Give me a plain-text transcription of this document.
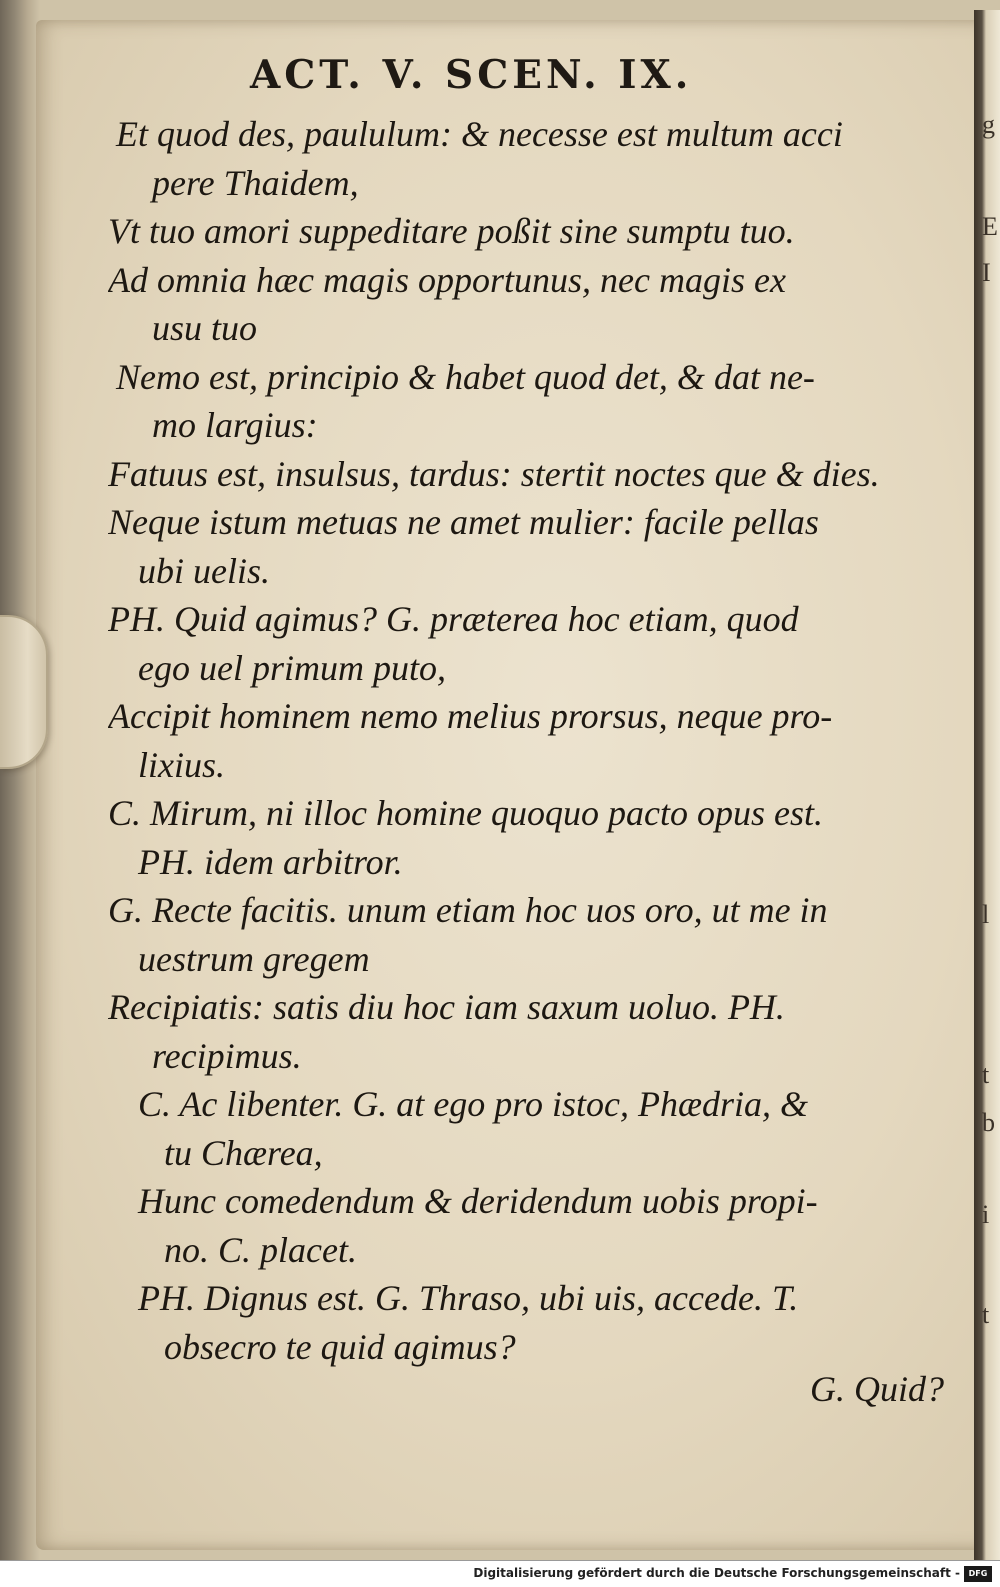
ACT. V. SCEN. IX.
Et quod des, paululum: & necesse est multum acci
pere Thaidem,
Vt tuo amori suppeditare poßit sine sumptu tuo.
Ad omnia hæc magis opportunus, nec magis ex
usu tuo
Nemo est, principio & habet quod det, & dat ne-
mo largius:
Fatuus est, insulsus, tardus: stertit noctes que & dies.
Neque istum metuas ne amet mulier: facile pellas
ubi uelis.
PH. Quid agimus? G. præterea hoc etiam, quod
ego uel primum puto,
Accipit hominem nemo melius prorsus, neque pro-
lixius.
C. Mirum, ni illoc homine quoquo pacto opus est.
PH. idem arbitror.
G. Recte facitis. unum etiam hoc uos oro, ut me in
uestrum gregem
Recipiatis: satis diu hoc iam saxum uoluo. PH.
recipimus.
C. Ac libenter. G. at ego pro istoc, Phædria, &
tu Chærea,
Hunc comedendum & deridendum uobis propi-
no. C. placet.
PH. Dignus est. G. Thraso, ubi uis, accede. T.
obsecro te quid agimus?
G. Quid?
g
E
I
l
t
b
i
t
Digitalisierung gefördert durch die Deutsche Forschungsgemeinschaft -	DFG
